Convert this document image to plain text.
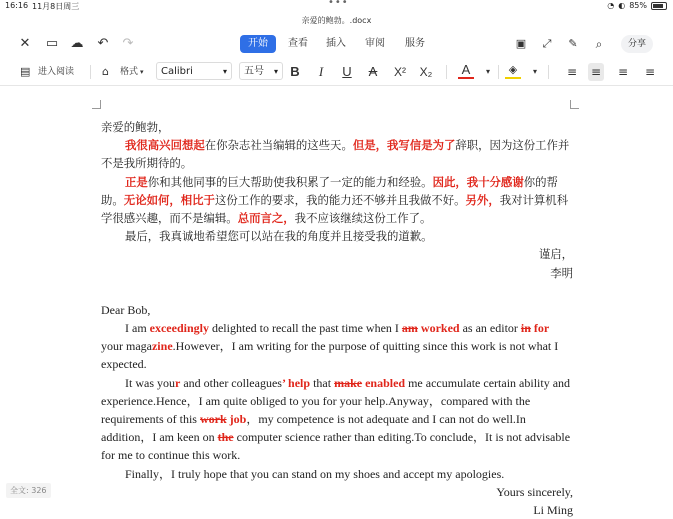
16:16 11月8日周三	•••	◔ ◐ 85%
亲爱的鲍勃。.docx
✕ ▭ ☁ ↶ ↷	开始	查看	插入	审阅	服务	▣	⤢	✎	⌕	分享
▤ 进入阅读	⌂ 格式 ▾	Calibri	▾	五号 ▾ B	I	U A	X² X₂ A	▾	◈	▾	≡ ≡ ≡ ≡

亲爱的鲍勃，

我很高兴回想起在你杂志社当编辑的这些天。但是，我写信是为了辞职，因为这份工作并不是我所期待的。

正是你和其他同事的巨大帮助使我积累了一定的能力和经验。因此，我十分感谢你的帮助。无论如何，相比于这份工作的要求，我的能力还不够并且我做不好。另外，我对计算机科学很感兴趣，而不是编辑。总而言之，我不应该继续这份工作了。

最后，我真诚地希望您可以站在我的角度并且接受我的道歉。

谨启，

李明

Dear Bob,

I am exceedingly delighted to recall the past time when I am worked as an editor in for your magazine.However，I am writing for the purpose of quitting since this work is not what I expected.

It was your and other colleagues’ help that make enabled me accumulate certain ability and experience.Hence，I am quite obliged to you for your help.Anyway，compared with the requirements of this work job，my competence is not adequate and I can not do well.In addition，I am keen on the computer science rather than editing.To conclude，It is not advisable for me to continue this work.

Finally，I truly hope that you can stand on my shoes and accept my apologies.

Yours sincerely,

Li Ming

全文: 326
